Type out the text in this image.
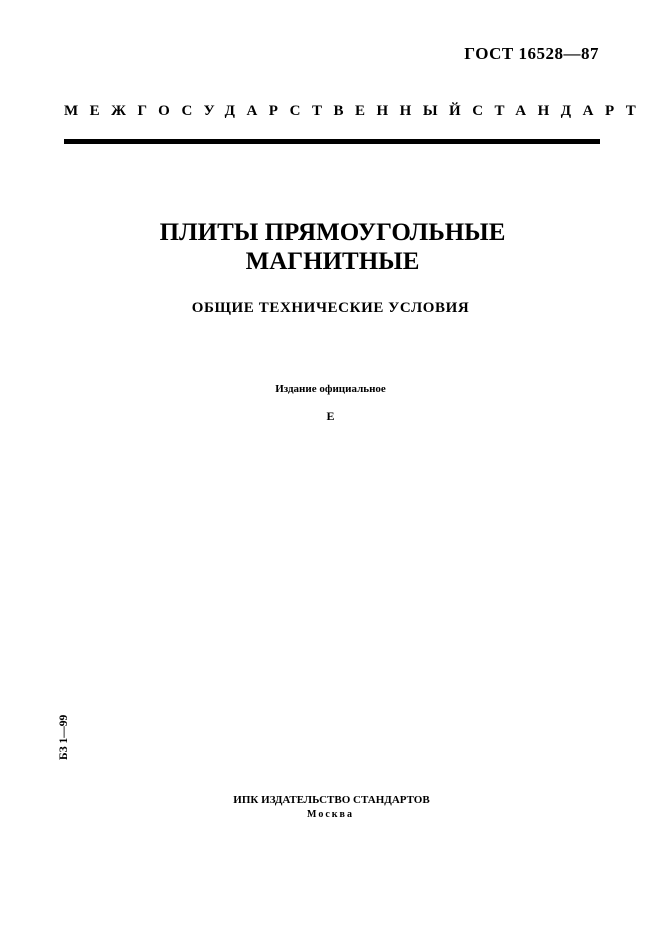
ГОСТ 16528—87
МЕЖГОСУДАРСТВЕННЫЙ СТАНДАРТ
ПЛИТЫ ПРЯМОУГОЛЬНЫЕ
МАГНИТНЫЕ
ОБЩИЕ ТЕХНИЧЕСКИЕ УСЛОВИЯ
Издание официальное
Е
БЗ 1—99
ИПК ИЗДАТЕЛЬСТВО СТАНДАРТОВ
Москва
